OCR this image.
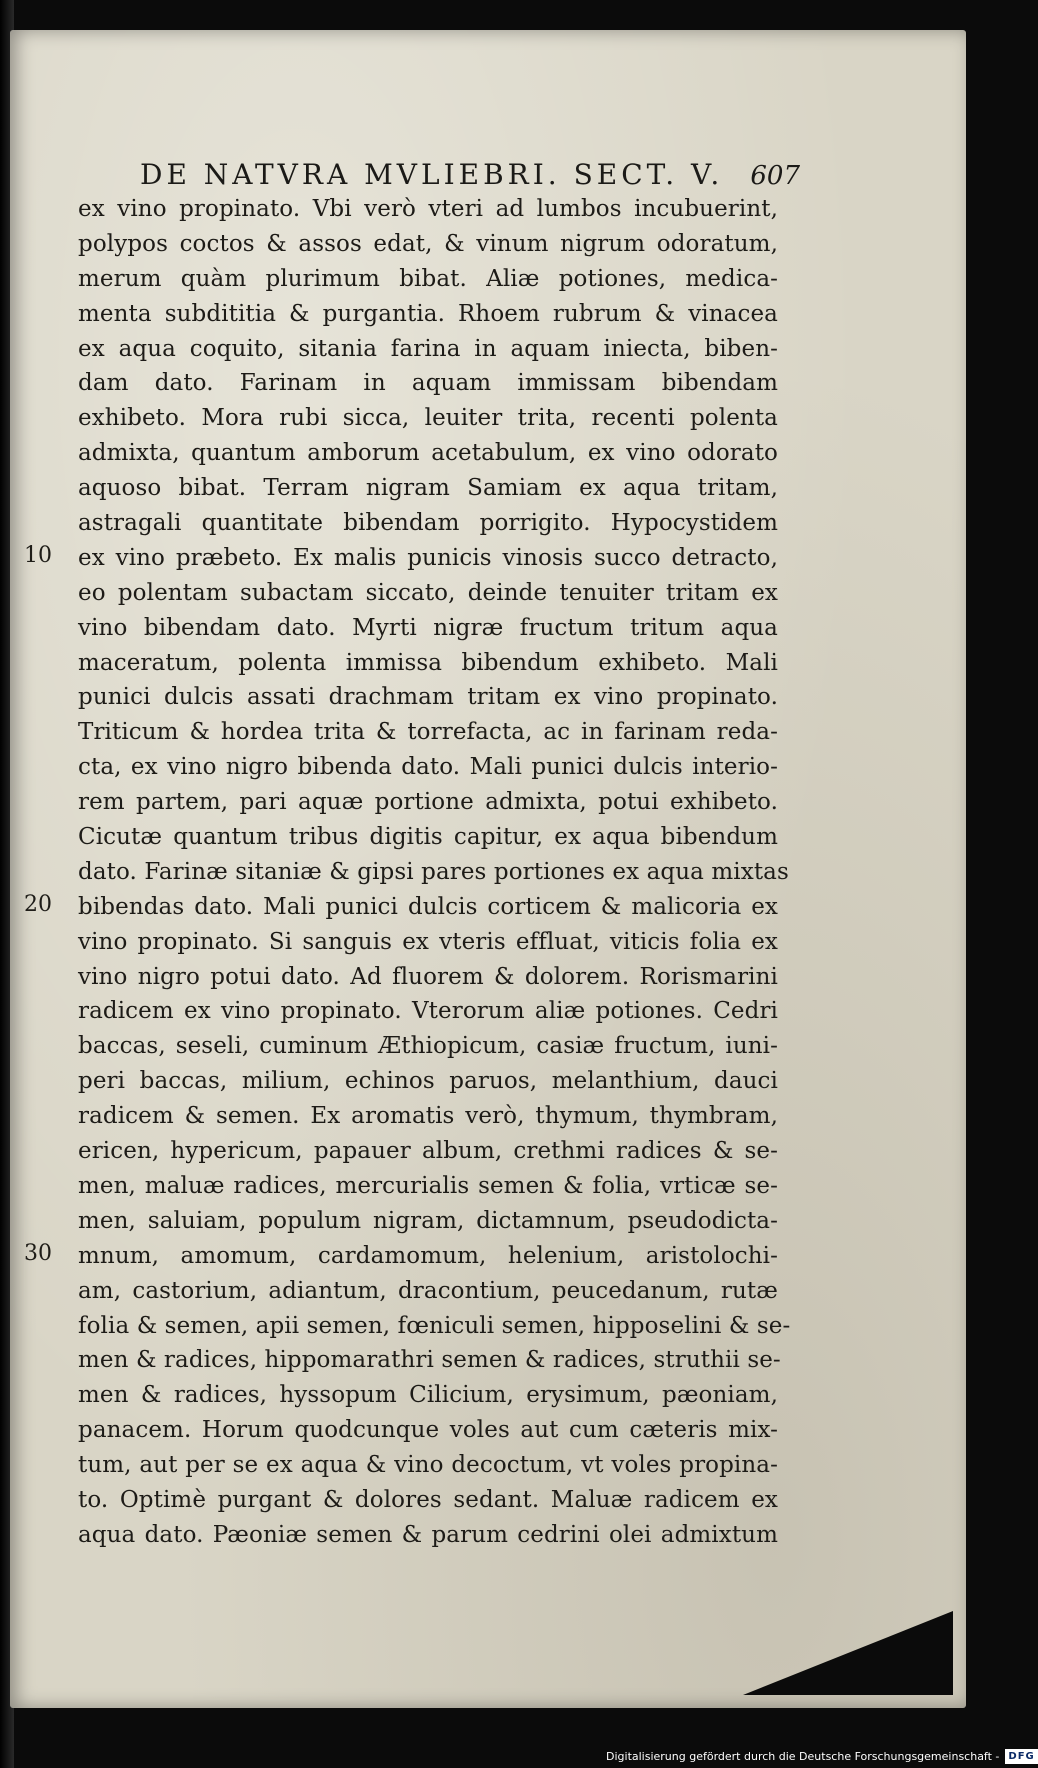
DE NATVRA MVLIEBRI. SECT. V. 607
10
20
30
ex vino propinato. Vbi verò vteri ad lumbos incubuerint,
polypos coctos & assos edat, & vinum nigrum odoratum,
merum quàm plurimum bibat. Aliæ potiones, medica-
menta subdititia & purgantia. Rhoem rubrum & vinacea
ex aqua coquito, sitania farina in aquam iniecta, biben-
dam dato. Farinam in aquam immissam bibendam
exhibeto. Mora rubi sicca, leuiter trita, recenti polenta
admixta, quantum amborum acetabulum, ex vino odorato
aquoso bibat. Terram nigram Samiam ex aqua tritam,
astragali quantitate bibendam porrigito. Hypocystidem
ex vino præbeto. Ex malis punicis vinosis succo detracto,
eo polentam subactam siccato, deinde tenuiter tritam ex
vino bibendam dato. Myrti nigræ fructum tritum aqua
maceratum, polenta immissa bibendum exhibeto. Mali
punici dulcis assati drachmam tritam ex vino propinato.
Triticum & hordea trita & torrefacta, ac in farinam reda-
cta, ex vino nigro bibenda dato. Mali punici dulcis interio-
rem partem, pari aquæ portione admixta, potui exhibeto.
Cicutæ quantum tribus digitis capitur, ex aqua bibendum
dato. Farinæ sitaniæ & gipsi pares portiones ex aqua mixtas
bibendas dato. Mali punici dulcis corticem & malicoria ex
vino propinato. Si sanguis ex vteris effluat, viticis folia ex
vino nigro potui dato. Ad fluorem & dolorem. Rorismarini
radicem ex vino propinato. Vterorum aliæ potiones. Cedri
baccas, seseli, cuminum Æthiopicum, casiæ fructum, iuni-
peri baccas, milium, echinos paruos, melanthium, dauci
radicem & semen. Ex aromatis verò, thymum, thymbram,
ericen, hypericum, papauer album, crethmi radices & se-
men, maluæ radices, mercurialis semen & folia, vrticæ se-
men, saluiam, populum nigram, dictamnum, pseudodicta-
mnum, amomum, cardamomum, helenium, aristolochi-
am, castorium, adiantum, dracontium, peucedanum, rutæ
folia & semen, apii semen, fœniculi semen, hipposelini & se-
men & radices, hippomarathri semen & radices, struthii se-
men & radices, hyssopum Cilicium, erysimum, pæoniam,
panacem. Horum quodcunque voles aut cum cæteris mix-
tum, aut per se ex aqua & vino decoctum, vt voles propina-
to. Optimè purgant & dolores sedant. Maluæ radicem ex
aqua dato. Pæoniæ semen & parum cedrini olei admixtum
Digitalisierung gefördert durch die Deutsche Forschungsgemeinschaft - DFG
